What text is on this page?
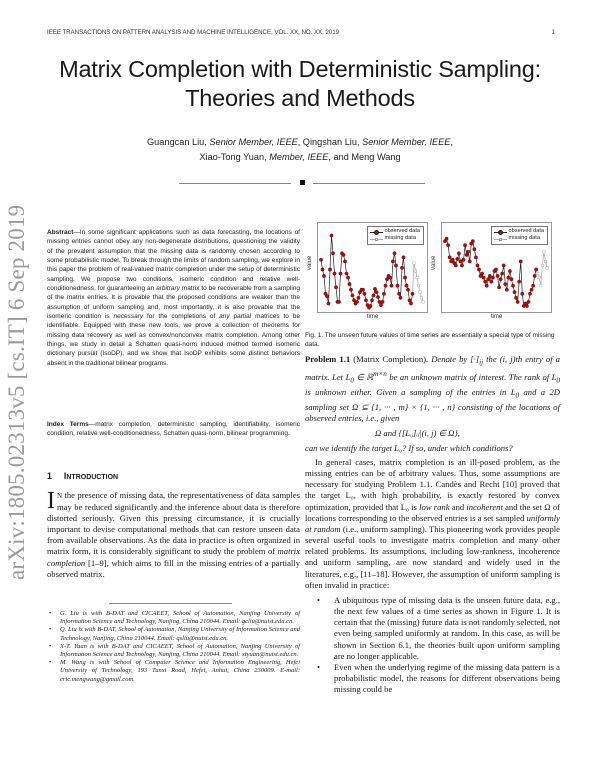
IEEE TRANSACTIONS ON PATTERN ANALYSIS AND MACHINE INTELLIGENCE, VOL. XX, NO. XX, 2019	1
Matrix Completion with Deterministic Sampling:
Theories and Methods
Guangcan Liu, Senior Member, IEEE, Qingshan Liu, Senior Member, IEEE,
Xiao-Tong Yuan, Member, IEEE, and Meng Wang
arXiv:1805.02313v5 [cs.IT] 6 Sep 2019	Abstract—In some significant applications such as data forecasting, the locations of missing entries cannot obey any non-degenerate distributions, questioning the validity of the prevalent assumption that the missing data is randomly chosen according to some probabilistic model. To break through the limits of random sampling, we explore in this paper the problem of real-valued matrix completion under the setup of deterministic sampling. We propose two conditions, isomeric condition and relative well-conditionedness, for guaranteeing an arbitrary matrix to be recoverable from a sampling of the matrix entries. It is provable that the proposed conditions are weaker than the assumption of uniform sampling and, most importantly, it is also provable that the isomeric condition is necessary for the completions of any partial matrices to be identifiable. Equipped with these new tools, we prove a collection of theorems for missing data recovery as well as convex/nonconvex matrix completion. Among other things, we study in detail a Schatten quasi-norm induced method termed isomeric dictionary pursuit (IsoDP), and we show that IsoDP exhibits some distinct behaviors absent in the traditional bilinear programs.
Index Terms—matrix completion, deterministic sampling, identifiability, isomeric condition, relative well-conditionedness, Schatten quasi-norm, bilinear programming.
1 INTRODUCTION
I N the presence of missing data, the representativeness of data samples may be reduced significantly and the inference about data is therefore distorted seriously. Given this pressing circumstance, it is crucially important to devise computational methods that can restore unseen data from available observations. As the data in practice is often organized in matrix form, it is considerably significant to study the problem of matrix completion [1–9], which aims to fill in the missing entries of a partially observed matrix.
• G. Liu is with B-DAT and CICAEET, School of Automation, Nanjing University of Information Science and Technology, Nanjing, China 210044. Email: gcliu@nuist.edu.cn.
• Q. Liu is with B-DAT, School of Automation, Nanjing University of Information Science and Technology, Nanjing, China 210044. Email: qsliu@nuist.edu.cn.
• X-T. Yuan is with B-DAT and CICAEET, School of Automation, Nanjing University of Information Science and Technology, Nanjing, China 210044. Email: xtyuan@nuist.edu.cn.
• M. Wang is with School of Computer Science and Information Engineering, Hefei University of Technology, 193 Tunxi Road, Hefei, Anhui, China 230009. E-mail: eric.mengwang@gmail.com.
value
observed data
missing data
time
value
observed data
missing data
time
Fig. 1. The unseen future values of time series are essentially a special type of missing data.
Problem 1.1 (Matrix Completion). Denote by $[\cdot]_{ij}$ the (i, j)th entry of a matrix. Let $L_0$ ∈ ℝ$^{m\times n}$ be an unknown matrix of interest. The rank of $L_0$ is unknown either. Given a sampling of the entries in $L_0$ and a 2D sampling set Ω ⊆ {1, ··· , m} × {1, ··· , n} consisting of the locations of observed entries, i.e., given
Ω and {[L₀]ᵢⱼ|(i, j) ∈ Ω},
can we identify the target L₀? If so, under which conditions?

In general cases, matrix completion is an ill-posed problem, as the missing entries can be of arbitrary values. Thus, some assumptions are necessary for studying Problem 1.1. Candès and Recht [10] proved that the target L₀, with high probability, is exactly restored by convex optimization, provided that L₀ is low rank and incoherent and the set Ω of locations corresponding to the observed entries is a set sampled uniformly at random (i.e., uniform sampling). This pioneering work provides people several useful tools to investigate matrix completion and many other related problems. Its assumptions, including low-rankness, incoherence and uniform sampling, are now standard and widely used in the literatures, e.g., [11–18]. However, the assumption of uniform sampling is often invalid in practice:

• A ubiquitous type of missing data is the unseen future data, e.g., the next few values of a time series as shown in Figure 1. It is certain that the (missing) future data is not randomly selected, not even being sampled uniformly at random. In this case, as will be shown in Section 6.1, the theories built upon uniform sampling are no longer applicable.
• Even when the underlying regime of the missing data pattern is a probabilistic model, the reasons for different observations being missing could be
